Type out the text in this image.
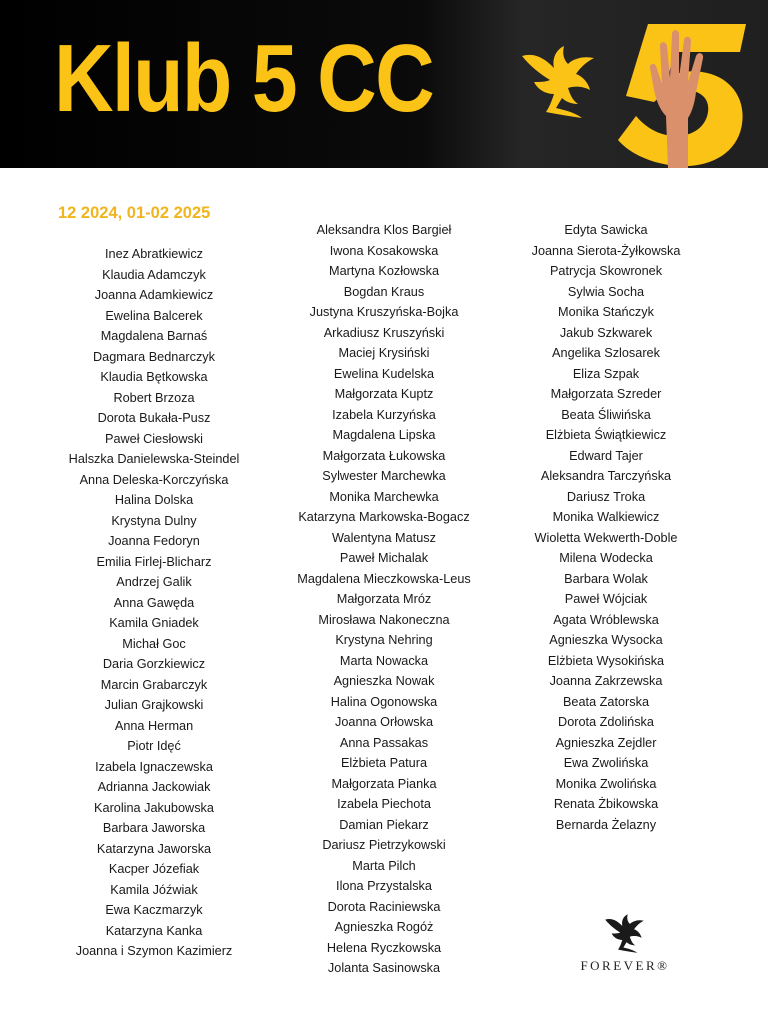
Klub 5 CC
12 2024, 01-02 2025
Inez Abratkiewicz
Klaudia Adamczyk
Joanna Adamkiewicz
Ewelina Balcerek
Magdalena Barnaś
Dagmara Bednarczyk
Klaudia Bętkowska
Robert Brzoza
Dorota Bukała-Pusz
Paweł Ciesłowski
Halszka Danielewska-Steindel
Anna Deleska-Korczyńska
Halina Dolska
Krystyna Dulny
Joanna Fedoryn
Emilia Firlej-Blicharz
Andrzej Galik
Anna Gawęda
Kamila Gniadek
Michał Goc
Daria Gorzkiewicz
Marcin Grabarczyk
Julian Grajkowski
Anna Herman
Piotr Idęć
Izabela Ignaczewska
Adrianna Jackowiak
Karolina Jakubowska
Barbara Jaworska
Katarzyna Jaworska
Kacper Józefiak
Kamila Jóźwiak
Ewa Kaczmarzyk
Katarzyna Kanka
Joanna i Szymon Kazimierz
Aleksandra Klos Bargieł
Iwona Kosakowska
Martyna Kozłowska
Bogdan Kraus
Justyna Kruszyńska-Bojka
Arkadiusz Kruszyński
Maciej Krysiński
Ewelina Kudelska
Małgorzata Kuptz
Izabela Kurzyńska
Magdalena Lipska
Małgorzata Łukowska
Sylwester Marchewka
Monika Marchewka
Katarzyna Markowska-Bogacz
Walentyna Matusz
Paweł Michalak
Magdalena Mieczkowska-Leus
Małgorzata Mróz
Mirosława Nakoneczna
Krystyna Nehring
Marta Nowacka
Agnieszka Nowak
Halina Ogonowska
Joanna Orłowska
Anna Passakas
Elżbieta Patura
Małgorzata Pianka
Izabela Piechota
Damian Piekarz
Dariusz Pietrzykowski
Marta Pilch
Ilona Przystalska
Dorota Raciniewska
Agnieszka Rogóż
Helena Ryczkowska
Jolanta Sasinowska
Edyta Sawicka
Joanna Sierota-Żyłkowska
Patrycja Skowronek
Sylwia Socha
Monika Stańczyk
Jakub Szkwarek
Angelika Szlosarek
Eliza Szpak
Małgorzata Szreder
Beata Śliwińska
Elżbieta Świątkiewicz
Edward Tajer
Aleksandra Tarczyńska
Dariusz Troka
Monika Walkiewicz
Wioletta Wekwerth-Doble
Milena Wodecka
Barbara Wolak
Paweł Wójciak
Agata Wróblewska
Agnieszka Wysocka
Elżbieta Wysokińska
Joanna Zakrzewska
Beata Zatorska
Dorota Zdolińska
Agnieszka Zejdler
Ewa Zwolińska
Monika Zwolińska
Renata Żbikowska
Bernarda Żelazny
FOREVER®
